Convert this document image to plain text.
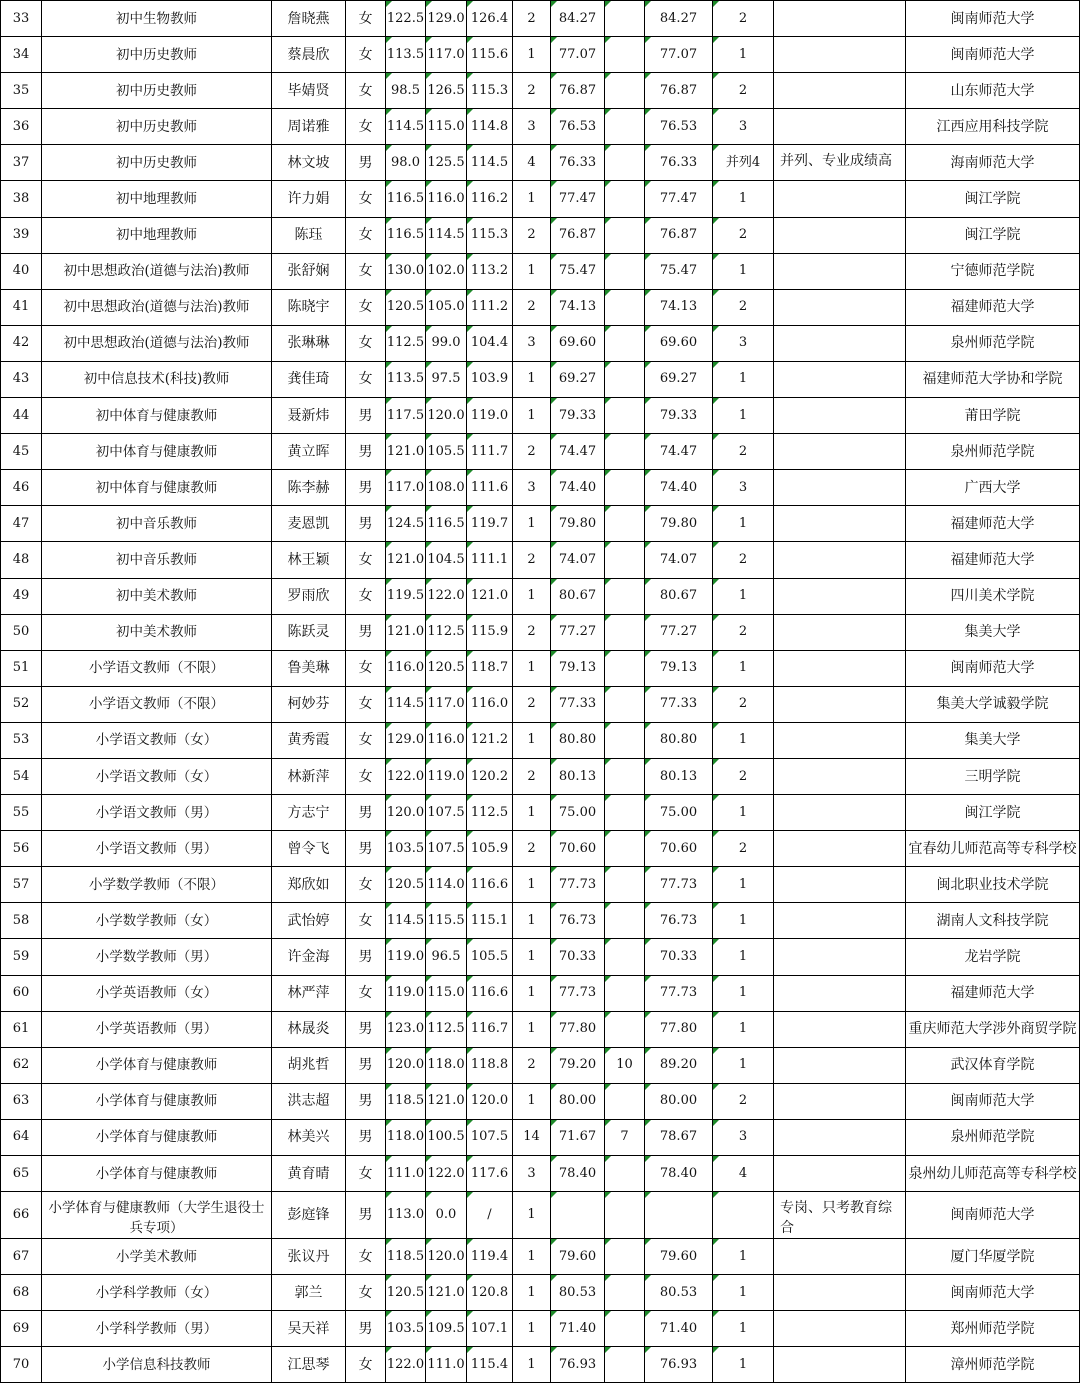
33	初中生物教师	詹晓燕	女	122.5	129.0	126.4	2	84.27		84.27	2		闽南师范大学
34	初中历史教师	蔡晨欣	女	113.5	117.0	115.6	1	77.07		77.07	1		闽南师范大学
35	初中历史教师	毕婧贤	女	98.5	126.5	115.3	2	76.87		76.87	2		山东师范大学
36	初中历史教师	周诺雅	女	114.5	115.0	114.8	3	76.53		76.53	3		江西应用科技学院
37	初中历史教师	林文坡	男	98.0	125.5	114.5	4	76.33		76.33	并列4	并列、专业成绩高	海南师范大学
38	初中地理教师	许力娟	女	116.5	116.0	116.2	1	77.47		77.47	1		闽江学院
39	初中地理教师	陈珏	女	116.5	114.5	115.3	2	76.87		76.87	2		闽江学院
40	初中思想政治(道德与法治)教师	张舒娴	女	130.0	102.0	113.2	1	75.47		75.47	1		宁德师范学院
41	初中思想政治(道德与法治)教师	陈晓宇	女	120.5	105.0	111.2	2	74.13		74.13	2		福建师范大学
42	初中思想政治(道德与法治)教师	张琳琳	女	112.5	99.0	104.4	3	69.60		69.60	3		泉州师范学院
43	初中信息技术(科技)教师	龚佳琦	女	113.5	97.5	103.9	1	69.27		69.27	1		福建师范大学协和学院
44	初中体育与健康教师	聂新炜	男	117.5	120.0	119.0	1	79.33		79.33	1		莆田学院
45	初中体育与健康教师	黄立晖	男	121.0	105.5	111.7	2	74.47		74.47	2		泉州师范学院
46	初中体育与健康教师	陈李赫	男	117.0	108.0	111.6	3	74.40		74.40	3		广西大学
47	初中音乐教师	麦恩凯	男	124.5	116.5	119.7	1	79.80		79.80	1		福建师范大学
48	初中音乐教师	林王颖	女	121.0	104.5	111.1	2	74.07		74.07	2		福建师范大学
49	初中美术教师	罗雨欣	女	119.5	122.0	121.0	1	80.67		80.67	1		四川美术学院
50	初中美术教师	陈跃灵	男	121.0	112.5	115.9	2	77.27		77.27	2		集美大学
51	小学语文教师（不限）	鲁美琳	女	116.0	120.5	118.7	1	79.13		79.13	1		闽南师范大学
52	小学语文教师（不限）	柯妙芬	女	114.5	117.0	116.0	2	77.33		77.33	2		集美大学诚毅学院
53	小学语文教师（女）	黄秀霞	女	129.0	116.0	121.2	1	80.80		80.80	1		集美大学
54	小学语文教师（女）	林新萍	女	122.0	119.0	120.2	2	80.13		80.13	2		三明学院
55	小学语文教师（男）	方志宁	男	120.0	107.5	112.5	1	75.00		75.00	1		闽江学院
56	小学语文教师（男）	曾令飞	男	103.5	107.5	105.9	2	70.60		70.60	2		宜春幼儿师范高等专科学校
57	小学数学教师（不限）	郑欣如	女	120.5	114.0	116.6	1	77.73		77.73	1		闽北职业技术学院
58	小学数学教师（女）	武怡婷	女	114.5	115.5	115.1	1	76.73		76.73	1		湖南人文科技学院
59	小学数学教师（男）	许金海	男	119.0	96.5	105.5	1	70.33		70.33	1		龙岩学院
60	小学英语教师（女）	林严萍	女	119.0	115.0	116.6	1	77.73		77.73	1		福建师范大学
61	小学英语教师（男）	林晟炎	男	123.0	112.5	116.7	1	77.80		77.80	1		重庆师范大学涉外商贸学院
62	小学体育与健康教师	胡兆哲	男	120.0	118.0	118.8	2	79.20	10	89.20	1		武汉体育学院
63	小学体育与健康教师	洪志超	男	118.5	121.0	120.0	1	80.00		80.00	2		闽南师范大学
64	小学体育与健康教师	林美兴	男	118.0	100.5	107.5	14	71.67	7	78.67	3		泉州师范学院
65	小学体育与健康教师	黄育晴	女	111.0	122.0	117.6	3	78.40		78.40	4		泉州幼儿师范高等专科学校
66	小学体育与健康教师（大学生退役士兵专项）	彭庭锋	男	113.0	0.0	/	1					专岗、只考教育综合	闽南师范大学
67	小学美术教师	张议丹	女	118.5	120.0	119.4	1	79.60		79.60	1		厦门华厦学院
68	小学科学教师（女）	郭兰	女	120.5	121.0	120.8	1	80.53		80.53	1		闽南师范大学
69	小学科学教师（男）	吴天祥	男	103.5	109.5	107.1	1	71.40		71.40	1		郑州师范学院
70	小学信息科技教师	江思琴	女	122.0	111.0	115.4	1	76.93		76.93	1		漳州师范学院
